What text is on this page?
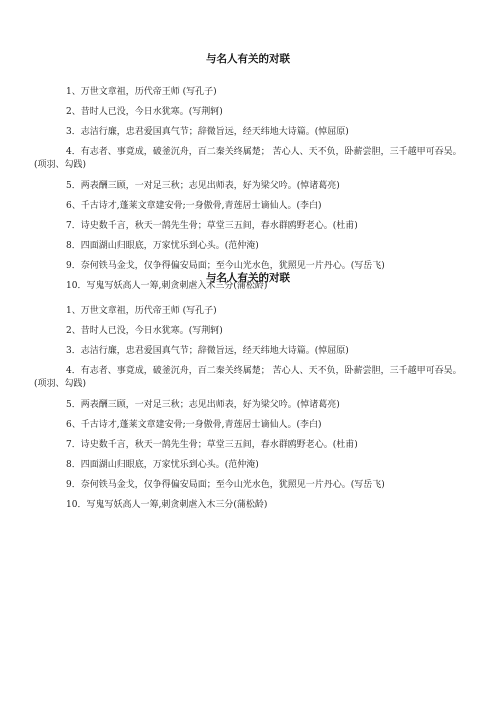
与名人有关的对联
1、万世文章祖，历代帝王师 (写孔子)
2、昔时人已没，今日水犹寒。(写荆轲)
3．志洁行廉，忠君爱国真气节；辞微旨远，经天纬地大诗篇。(悼屈原)
4．有志者、事竟成，破釜沉舟，百二秦关终属楚； 苦心人、天不负，卧薪尝胆，三千越甲可吞吴。(项羽、勾践)
5．两表酬三顾，一对足三秋；志见出师表，好为梁父吟。(悼诸葛亮)
6、千古诗才,蓬莱文章建安骨;一身傲骨,青莲居士谪仙人。(李白)
7．诗史数千言，秋天一鹄先生骨；草堂三五间，春水群鸥野老心。(杜甫)
8．四面湖山归眼底，万家忧乐到心头。(范仲淹)
9．奈何铁马金戈，仅争得偏安局面；至今山光水色，犹照见一片丹心。(写岳飞)
10．写鬼写妖高人一筹,刺贪刺虐入木三分(蒲松龄)
与名人有关的对联
1、万世文章祖，历代帝王师 (写孔子)
2、昔时人已没，今日水犹寒。(写荆轲)
3．志洁行廉，忠君爱国真气节；辞微旨远，经天纬地大诗篇。(悼屈原)
4．有志者、事竟成，破釜沉舟，百二秦关终属楚； 苦心人、天不负，卧薪尝胆，三千越甲可吞吴。(项羽、勾践)
5．两表酬三顾，一对足三秋；志见出师表，好为梁父吟。(悼诸葛亮)
6、千古诗才,蓬莱文章建安骨;一身傲骨,青莲居士谪仙人。(李白)
7．诗史数千言，秋天一鹄先生骨；草堂三五间，春水群鸥野老心。(杜甫)
8．四面湖山归眼底，万家忧乐到心头。(范仲淹)
9．奈何铁马金戈，仅争得偏安局面；至今山光水色，犹照见一片丹心。(写岳飞)
10．写鬼写妖高人一筹,刺贪刺虐入木三分(蒲松龄)
